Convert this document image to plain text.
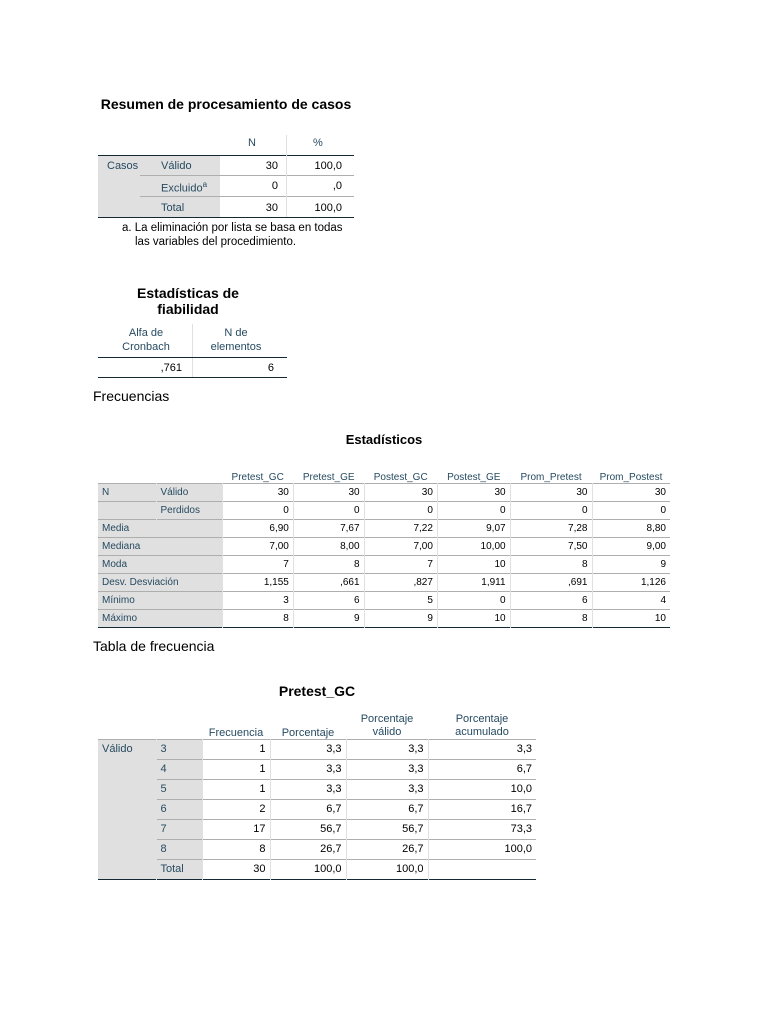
Resumen de procesamiento de casos
N	%
Casos Válido	30	100,0
Excluido$^a$	0	,0
Total	30	100,0
a. La eliminación por lista se basa en todas las variables del procedimiento.
Estadísticas de fiabilidad
Alfa de Cronbach
N de elementos
,761	6
Frecuencias
Estadísticos
		Pretest_GC	Pretest_GE	Postest_GC	Postest_GE	Prom_Pretest	Prom_Postest
N	Válido	30	30	30	30	30	30
	Perdidos	0	0	0	0	0	0
Media		6,90	7,67	7,22	9,07	7,28	8,80
Mediana		7,00	8,00	7,00	10,00	7,50	9,00
Moda		7	8	7	10	8	9
Desv. Desviación		1,155	,661	,827	1,911	,691	1,126
Mínimo		3	6	5	0	6	4
Máximo		8	9	9	10	8	10
Tabla de frecuencia
Pretest_GC
		Frecuencia	Porcentaje	Porcentaje válido	Porcentaje acumulado
Válido	3	1	3,3	3,3	3,3
	4	1	3,3	3,3	6,7
	5	1	3,3	3,3	10,0
	6	2	6,7	6,7	16,7
	7	17	56,7	56,7	73,3
	8	8	26,7	26,7	100,0
	Total	30	100,0	100,0	
